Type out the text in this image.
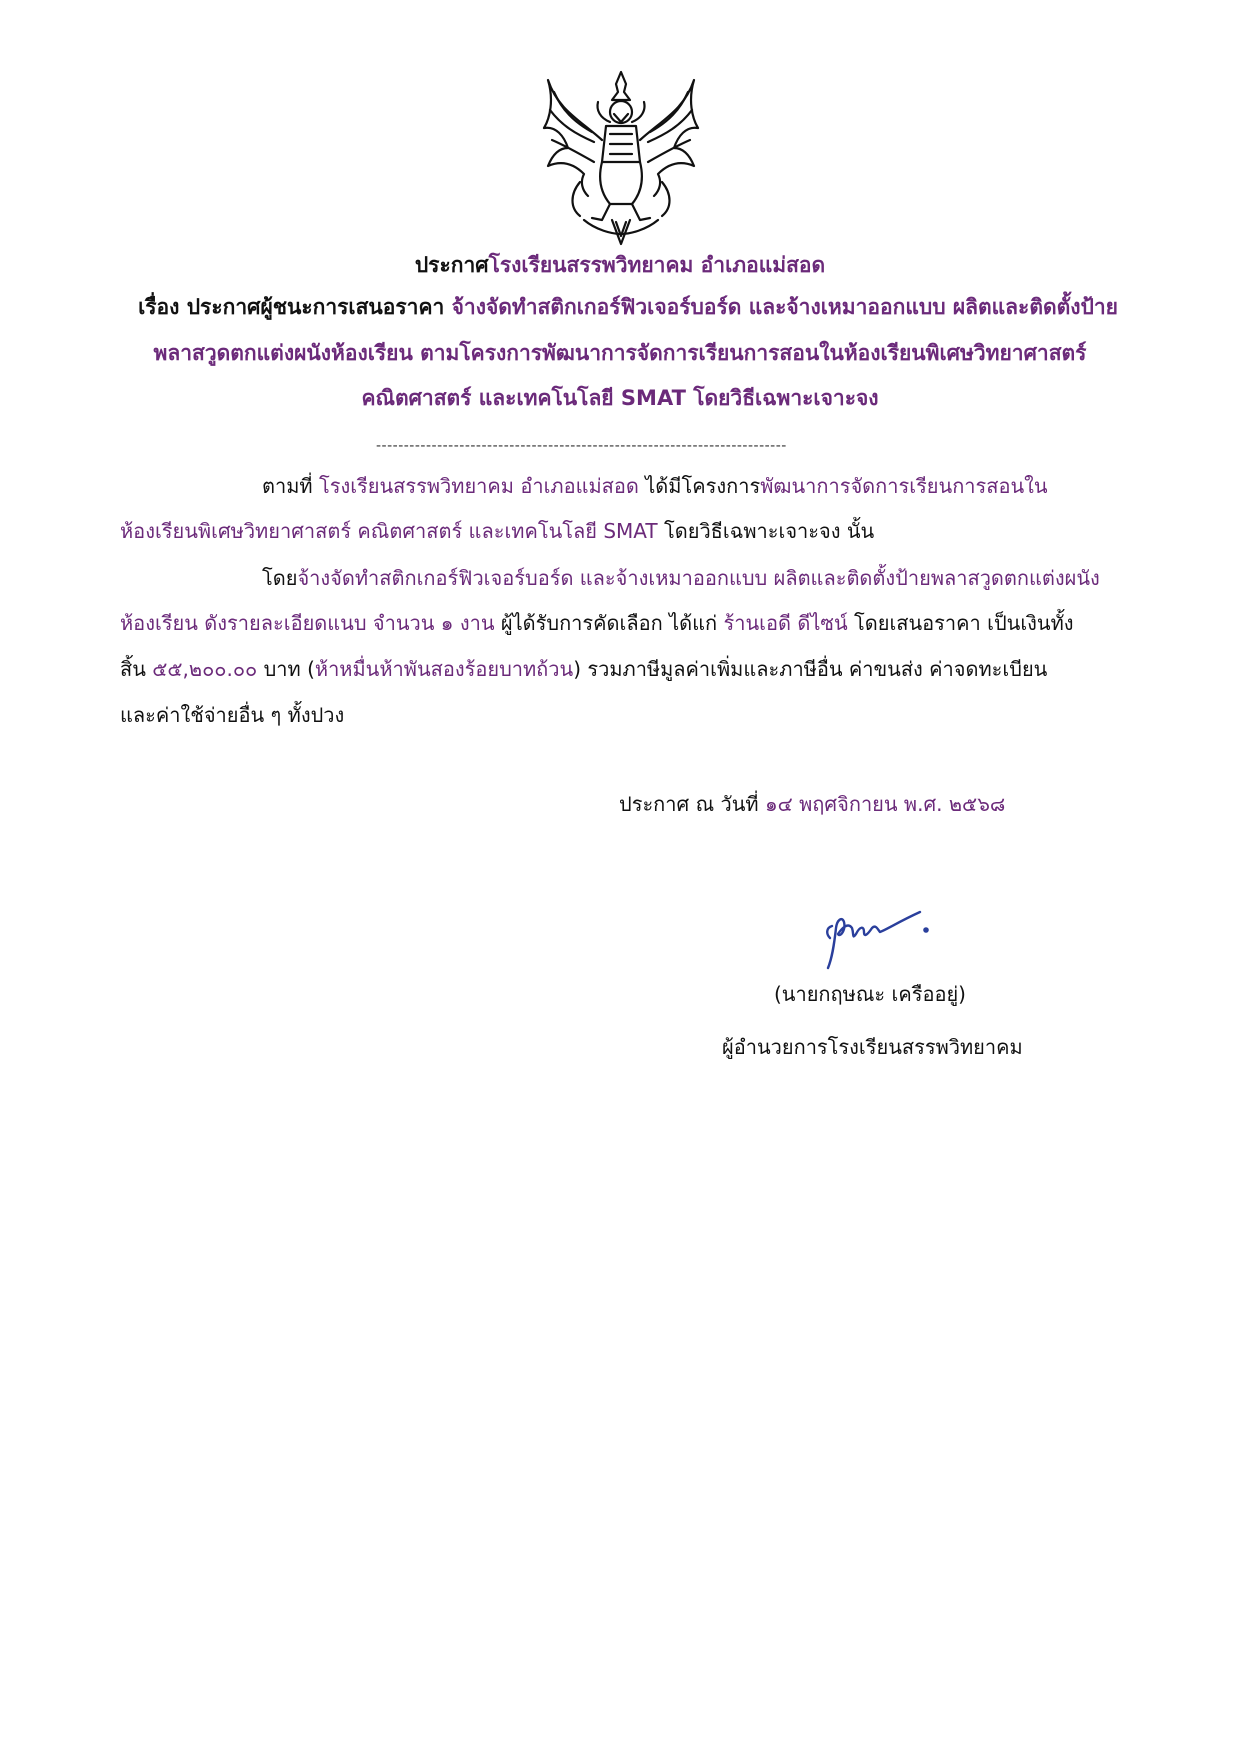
ประกาศโรงเรียนสรรพวิทยาคม อำเภอแม่สอด
เรื่อง ประกาศผู้ชนะการเสนอราคา จ้างจัดทำสติกเกอร์ฟิวเจอร์บอร์ด และจ้างเหมาออกแบบ ผลิตและติดตั้งป้าย
พลาสวูดตกแต่งผนังห้องเรียน ตามโครงการพัฒนาการจัดการเรียนการสอนในห้องเรียนพิเศษวิทยาศาสตร์
คณิตศาสตร์ และเทคโนโลยี SMAT โดยวิธีเฉพาะเจาะจง
--------------------------------------------------------------------------
ตามที่ โรงเรียนสรรพวิทยาคม อำเภอแม่สอด ได้มีโครงการพัฒนาการจัดการเรียนการสอนใน
ห้องเรียนพิเศษวิทยาศาสตร์ คณิตศาสตร์ และเทคโนโลยี SMAT โดยวิธีเฉพาะเจาะจง นั้น
โดยจ้างจัดทำสติกเกอร์ฟิวเจอร์บอร์ด และจ้างเหมาออกแบบ ผลิตและติดตั้งป้ายพลาสวูดตกแต่งผนัง
ห้องเรียน ดังรายละเอียดแนบ จำนวน ๑ งาน ผู้ได้รับการคัดเลือก ได้แก่ ร้านเอดี ดีไซน์ โดยเสนอราคา เป็นเงินทั้ง
สิ้น ๕๕,๒๐๐.๐๐ บาท (ห้าหมื่นห้าพันสองร้อยบาทถ้วน) รวมภาษีมูลค่าเพิ่มและภาษีอื่น ค่าขนส่ง ค่าจดทะเบียน
และค่าใช้จ่ายอื่น ๆ ทั้งปวง
ประกาศ ณ วันที่ ๑๔ พฤศจิกายน พ.ศ. ๒๕๖๘
(นายกฤษณะ เครืออยู่)
ผู้อำนวยการโรงเรียนสรรพวิทยาคม
